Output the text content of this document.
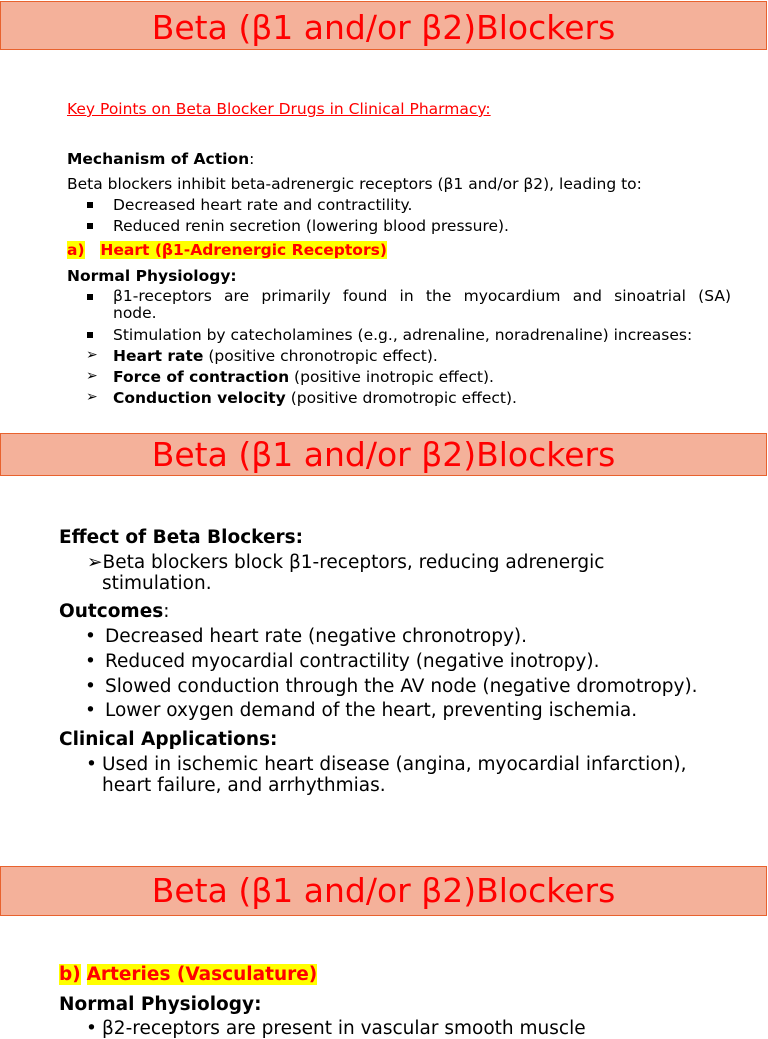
Beta (β1 and/or β2)Blockers
Key Points on Beta Blocker Drugs in Clinical Pharmacy:
Mechanism of Action:
Beta blockers inhibit beta-adrenergic receptors (β1 and/or β2), leading to:
Decreased heart rate and contractility.
Reduced renin secretion (lowering blood pressure).
a) Heart (β1-Adrenergic Receptors)
Normal Physiology:
β1-receptors are primarily found in the myocardium and sinoatrial (SA)
node.
Stimulation by catecholamines (e.g., adrenaline, noradrenaline) increases:
➢ Heart rate (positive chronotropic effect).
➢ Force of contraction (positive inotropic effect).
➢ Conduction velocity (positive dromotropic effect).
Beta (β1 and/or β2)Blockers
Effect of Beta Blockers:
➢Beta blockers block β1-receptors, reducing adrenergic
stimulation.
Outcomes:
• Decreased heart rate (negative chronotropy).
• Reduced myocardial contractility (negative inotropy).
• Slowed conduction through the AV node (negative dromotropy).
• Lower oxygen demand of the heart, preventing ischemia.
Clinical Applications:
• Used in ischemic heart disease (angina, myocardial infarction),
heart failure, and arrhythmias.
Beta (β1 and/or β2)Blockers
b) Arteries (Vasculature)
Normal Physiology:
• β2-receptors are present in vascular smooth muscle
